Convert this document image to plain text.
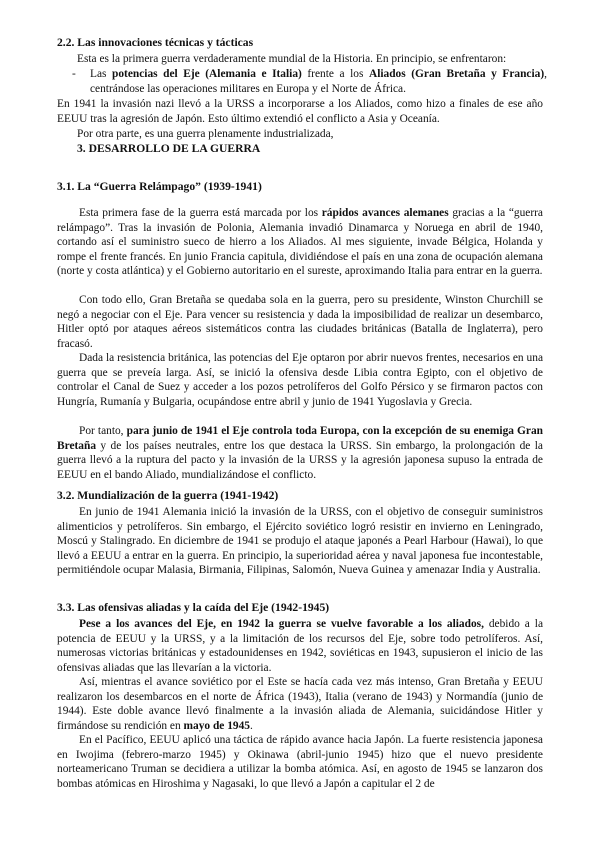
2.2. Las innovaciones técnicas y tácticas

Esta es la primera guerra verdaderamente mundial de la Historia. En principio, se enfrentaron:

- Las potencias del Eje (Alemania e Italia) frente a los Aliados (Gran Bretaña y Francia), centrándose las operaciones militares en Europa y el Norte de África.

En 1941 la invasión nazi llevó a la URSS a incorporarse a los Aliados, como hizo a finales de ese año EEUU tras la agresión de Japón. Esto último extendió el conflicto a Asia y Oceanía.

Por otra parte, es una guerra plenamente industrializada,

3. DESARROLLO DE LA GUERRA
3.1. La “Guerra Relámpago” (1939-1941)

Esta primera fase de la guerra está marcada por los rápidos avances alemanes gracias a la “guerra relámpago”. Tras la invasión de Polonia, Alemania invadió Dinamarca y Noruega en abril de 1940, cortando así el suministro sueco de hierro a los Aliados. Al mes siguiente, invade Bélgica, Holanda y rompe el frente francés. En junio Francia capitula, dividiéndose el país en una zona de ocupación alemana (norte y costa atlántica) y el Gobierno autoritario en el sureste, aproximando Italia para entrar en la guerra.

Con todo ello, Gran Bretaña se quedaba sola en la guerra, pero su presidente, Winston Churchill se negó a negociar con el Eje. Para vencer su resistencia y dada la imposibilidad de realizar un desembarco, Hitler optó por ataques aéreos sistemáticos contra las ciudades británicas (Batalla de Inglaterra), pero fracasó.

Dada la resistencia británica, las potencias del Eje optaron por abrir nuevos frentes, necesarios en una guerra que se preveía larga. Así, se inició la ofensiva desde Libia contra Egipto, con el objetivo de controlar el Canal de Suez y acceder a los pozos petrolíferos del Golfo Pérsico y se firmaron pactos con Hungría, Rumanía y Bulgaria, ocupándose entre abril y junio de 1941 Yugoslavia y Grecia.

Por tanto, para junio de 1941 el Eje controla toda Europa, con la excepción de su enemiga Gran Bretaña y de los países neutrales, entre los que destaca la URSS. Sin embargo, la prolongación de la guerra llevó a la ruptura del pacto y la invasión de la URSS y la agresión japonesa supuso la entrada de EEUU en el bando Aliado, mundializándose el conflicto.

3.2. Mundialización de la guerra (1941-1942)

En junio de 1941 Alemania inició la invasión de la URSS, con el objetivo de conseguir suministros alimenticios y petrolíferos. Sin embargo, el Ejército soviético logró resistir en invierno en Leningrado, Moscú y Stalingrado. En diciembre de 1941 se produjo el ataque japonés a Pearl Harbour (Hawai), lo que llevó a EEUU a entrar en la guerra. En principio, la superioridad aérea y naval japonesa fue incontestable, permitiéndole ocupar Malasia, Birmania, Filipinas, Salomón, Nueva Guinea y amenazar India y Australia.

3.3. Las ofensivas aliadas y la caída del Eje (1942-1945)

Pese a los avances del Eje, en 1942 la guerra se vuelve favorable a los aliados, debido a la potencia de EEUU y la URSS, y a la limitación de los recursos del Eje, sobre todo petrolíferos. Así, numerosas victorias británicas y estadounidenses en 1942, soviéticas en 1943, supusieron el inicio de las ofensivas aliadas que las llevarían a la victoria.

Así, mientras el avance soviético por el Este se hacía cada vez más intenso, Gran Bretaña y EEUU realizaron los desembarcos en el norte de África (1943), Italia (verano de 1943) y Normandía (junio de 1944). Este doble avance llevó finalmente a la invasión aliada de Alemania, suicidándose Hitler y firmándose su rendición en mayo de 1945.

En el Pacífico, EEUU aplicó una táctica de rápido avance hacia Japón. La fuerte resistencia japonesa en Iwojima (febrero-marzo 1945) y Okinawa (abril-junio 1945) hizo que el nuevo presidente norteamericano Truman se decidiera a utilizar la bomba atómica. Así, en agosto de 1945 se lanzaron dos bombas atómicas en Hiroshima y Nagasaki, lo que llevó a Japón a capitular el 2 de
